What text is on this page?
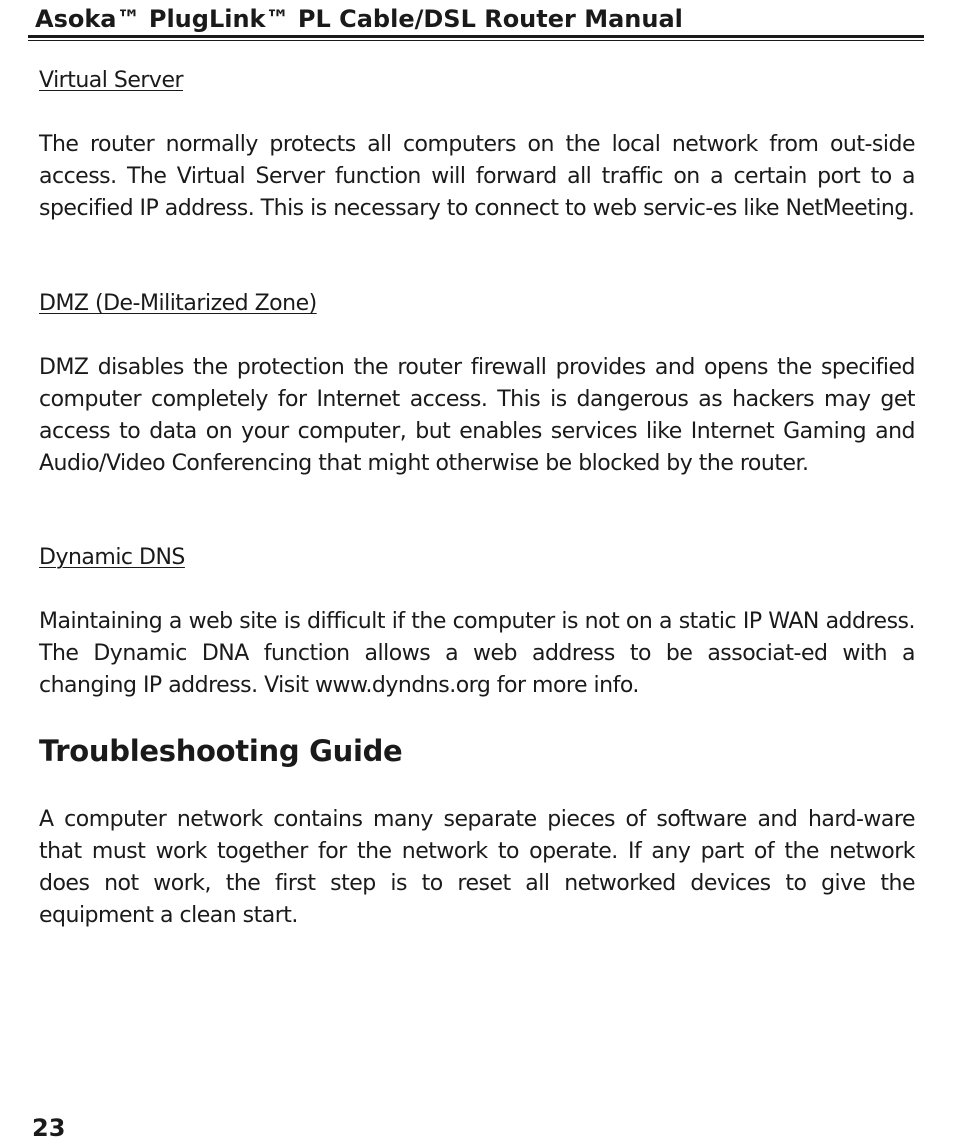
Asoka™ PlugLink™ PL Cable/DSL Router Manual
Virtual Server
The router normally protects all computers on the local network from out-side access. The Virtual Server function will forward all traffic on a certain port to a specified IP address. This is necessary to connect to web servic-es like NetMeeting.
DMZ (De-Militarized Zone)
DMZ disables the protection the router firewall provides and opens the specified computer completely for Internet access. This is dangerous as hackers may get access to data on your computer, but enables services like Internet Gaming and Audio/Video Conferencing that might otherwise be blocked by the router.
Dynamic DNS
Maintaining a web site is difficult if the computer is not on a static IP WAN address. The Dynamic DNA function allows a web address to be associat-ed with a changing IP address. Visit www.dyndns.org for more info.
Troubleshooting Guide
A computer network contains many separate pieces of software and hard-ware that must work together for the network to operate. If any part of the network does not work, the first step is to reset all networked devices to give the equipment a clean start.
23
